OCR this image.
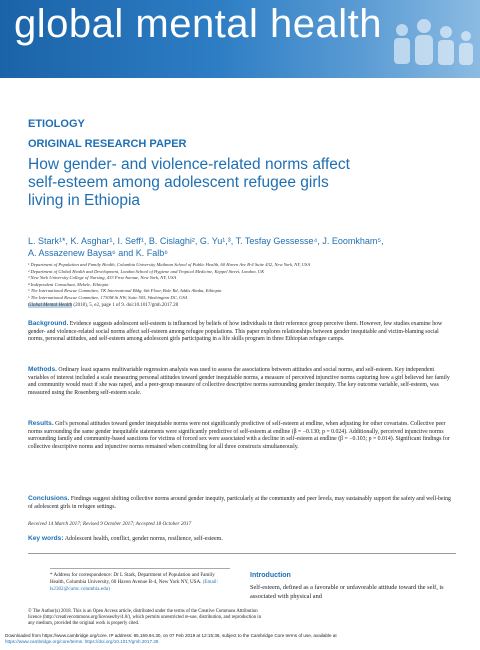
global mental health
ETIOLOGY
ORIGINAL RESEARCH PAPER
How gender- and violence-related norms affect
self-esteem among adolescent refugee girls
living in Ethiopia
L. Stark¹*, K. Asghar¹, I. Seff¹, B. Cislaghi², G. Yu¹,³, T. Tesfay Gessesse⁴, J. Eoomkham⁵,
A. Assazenew Baysa⁶ and K. Falb⁶
¹ Department of Population and Family Health, Columbia University Mailman School of Public Health, 60 Haven Ave B-4 Suite 432, New York, NY, USA
² Department of Global Health and Development, London School of Hygiene and Tropical Medicine, Keppel Street, London, UK
³ New York University College of Nursing, 433 First Avenue, New York, NY, USA
⁴ Independent Consultant, Mekele, Ethiopia
⁵ The International Rescue Committee, TK International Bldg. 6th Floor, Bole Rd, Addis Ababa, Ethiopia
⁶ The International Rescue Committee, 1730M St NW, Suite 505, Washington DC, USA
Global Mental Health (2018), 5, e2, page 1 of 9. doi:10.1017/gmh.2017.28
Background. Evidence suggests adolescent self-esteem is influenced by beliefs of how individuals in their reference group perceive them. However, few studies examine how gender- and violence-related social norms affect self-esteem among refugee populations. This paper explores relationships between gender inequitable and victim-blaming social norms, personal attitudes, and self-esteem among adolescent girls participating in a life skills program in three Ethiopian refugee camps.
Methods. Ordinary least squares multivariable regression analysis was used to assess the associations between attitudes and social norms, and self-esteem. Key independent variables of interest included a scale measuring personal attitudes toward gender inequitable norms, a measure of perceived injunctive norms capturing how a girl believed her family and community would react if she was raped, and a peer-group measure of collective descriptive norms surrounding gender inequity. The key outcome variable, self-esteem, was measured using the Rosenberg self-esteem scale.
Results. Girl's personal attitudes toward gender inequitable norms were not significantly predictive of self-esteem at endline, when adjusting for other covariates. Collective peer norms surrounding the same gender inequitable statements were significantly predictive of self-esteem at endline (β = −0.130; p = 0.024). Additionally, perceived injunctive norms surrounding family and community-based sanctions for victims of forced sex were associated with a decline in self-esteem at endline (β = −0.103; p = 0.014). Significant findings for collective descriptive norms and injunctive norms remained when controlling for all three constructs simultaneously.
Conclusions. Findings suggest shifting collective norms around gender inequity, particularly at the community and peer levels, may sustainably support the safety and well-being of adolescent girls in refugee settings.
Received 14 March 2017; Revised 9 October 2017; Accepted 18 October 2017
Key words: Adolescent health, conflict, gender norms, resilience, self-esteem.
* Address for correspondence: Dr L Stark, Department of Population and Family Health, Columbia University, 60 Haven Avenue B-4, New York NY, USA. (Email: ls2302@cumc.columbia.edu)
Introduction
Self-esteem, defined as a favorable or unfavorable attitude toward the self, is associated with physical and
© The Author(s) 2018. This is an Open Access article, distributed under the terms of the Creative Commons Attribution
licence (http://creativecommons.org/licenses/by/4.0/), which permits unrestricted re-use, distribution, and reproduction in
any medium, provided the original work is properly cited.
Downloaded from https://www.cambridge.org/core. IP address: 85.159.94.30, on 07 Feb 2019 at 12:15:36, subject to the Cambridge Core terms of use, available at
https://www.cambridge.org/core/terms. https://doi.org/10.1017/gmh.2017.28
